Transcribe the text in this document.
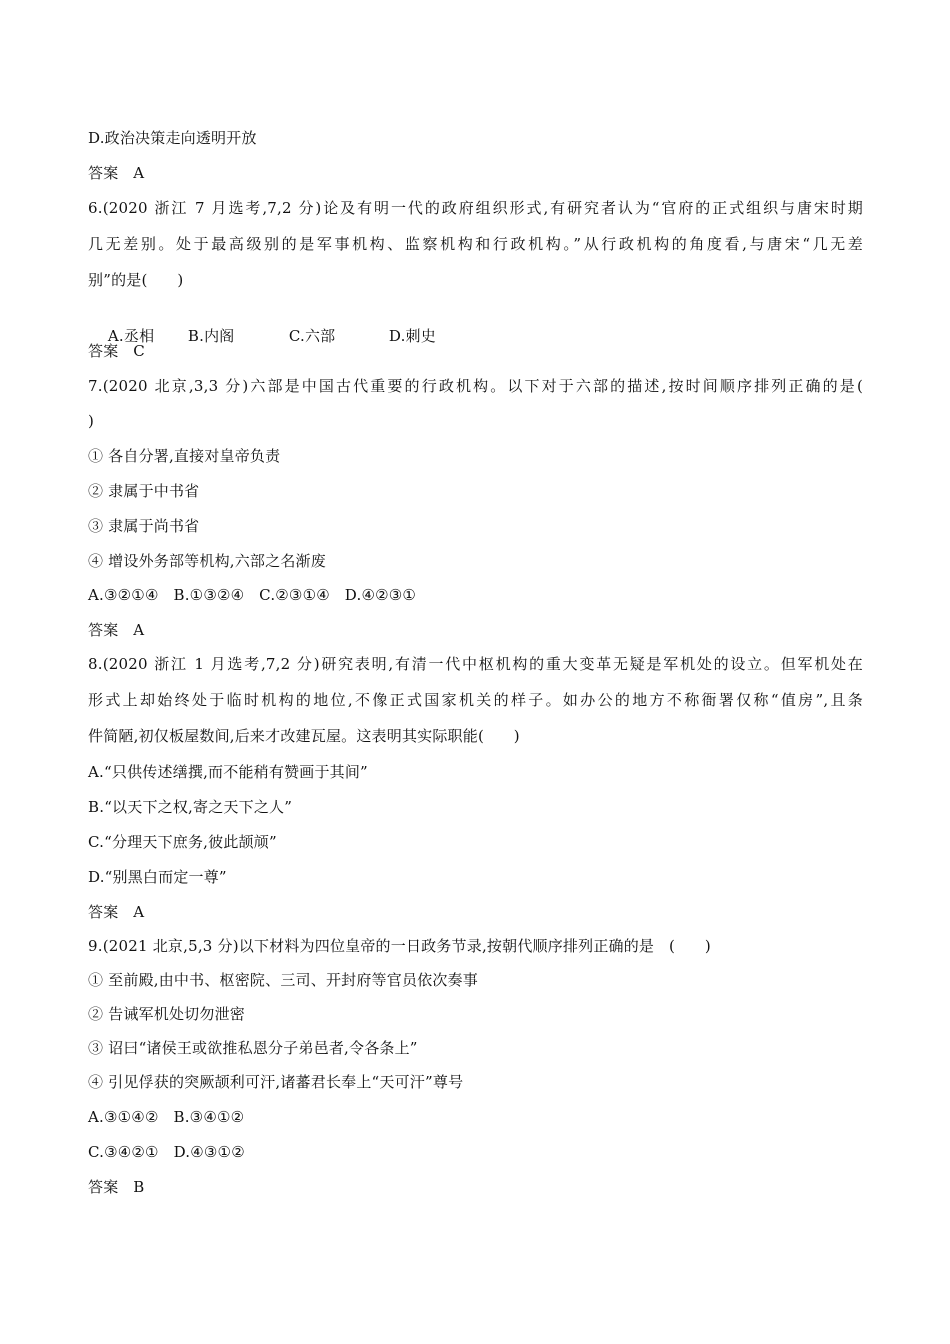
D.政治决策走向透明开放
答案   A
6.(2020 浙江 7 月选考,7,2 分)论及有明一代的政府组织形式,有研究者认为“官府的正式组织与唐宋时期
几无差别。处于最高级别的是军事机构、监察机构和行政机构。”从行政机构的角度看,与唐宋“几无差
别”的是(      )

A.丞相 B.内阁	C.六部	D.刺史

答案   C
7.(2020 北京,3,3 分)六部是中国古代重要的行政机构。以下对于六部的描述,按时间顺序排列正确的是(
)
① 各自分署,直接对皇帝负责
② 隶属于中书省
③ 隶属于尚书省
④ 增设外务部等机构,六部之名渐废
A.③②①④   B.①③②④   C.②③①④   D.④②③①
答案   A
8.(2020 浙江 1 月选考,7,2 分)研究表明,有清一代中枢机构的重大变革无疑是军机处的设立。但军机处在
形式上却始终处于临时机构的地位,不像正式国家机关的样子。如办公的地方不称衙署仅称“值房”,且条
件简陋,初仅板屋数间,后来才改建瓦屋。这表明其实际职能(      )
A.“只供传述缮撰,而不能稍有赞画于其间”
B.“以天下之权,寄之天下之人”
C.“分理天下庶务,彼此颉颃”
D.“别黑白而定一尊”
答案   A
9.(2021 北京,5,3 分)以下材料为四位皇帝的一日政务节录,按朝代顺序排列正确的是   (      )
① 至前殿,由中书、枢密院、三司、开封府等官员依次奏事
② 告诫军机处切勿泄密
③ 诏曰“诸侯王或欲推私恩分子弟邑者,令各条上”
④ 引见俘获的突厥颉利可汗,诸蕃君长奉上“天可汗”尊号
A.③①④②   B.③④①②
C.③④②①   D.④③①②
答案   B
